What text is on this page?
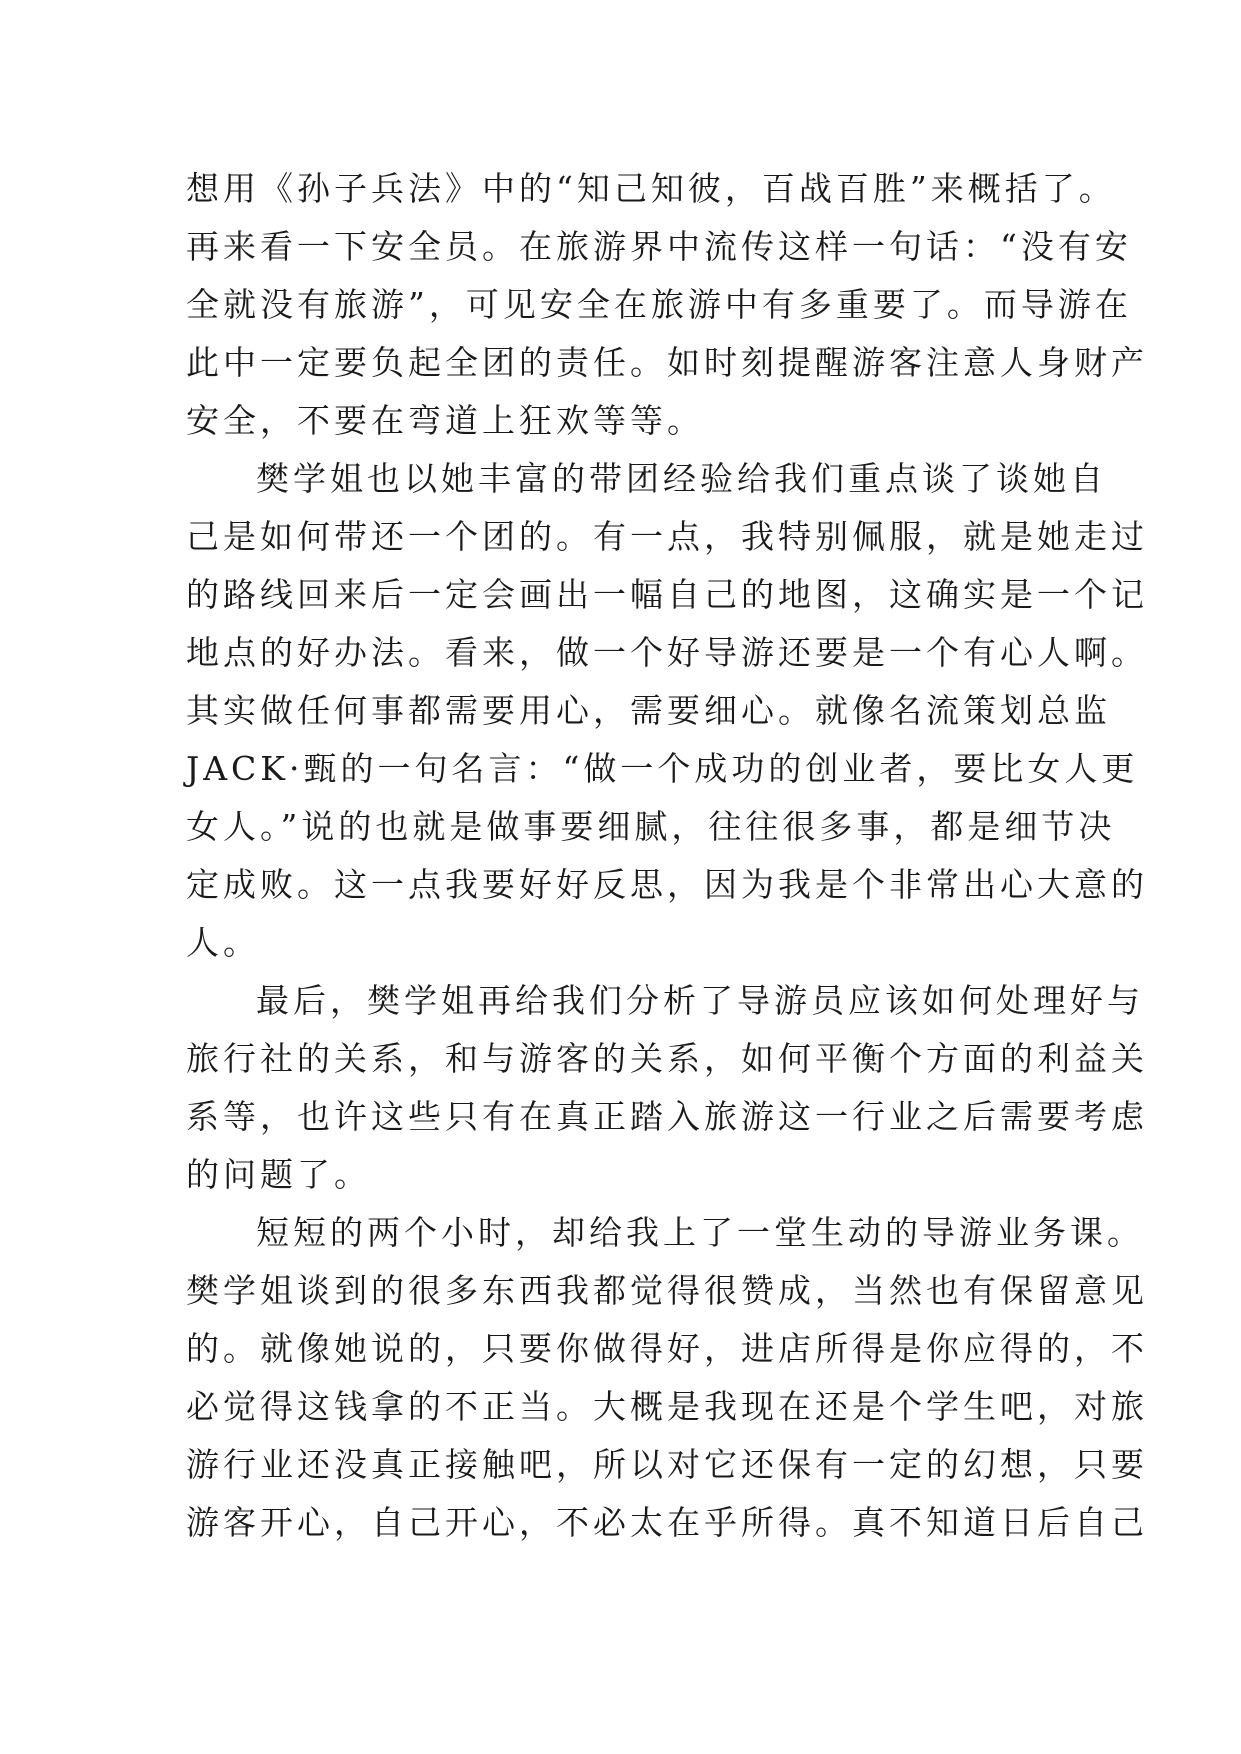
想用《孙子兵法》中的“知己知彼，百战百胜”来概括了。
再来看一下安全员。在旅游界中流传这样一句话：“没有安
全就没有旅游”，可见安全在旅游中有多重要了。而导游在
此中一定要负起全团的责任。如时刻提醒游客注意人身财产
安全，不要在弯道上狂欢等等。
樊学姐也以她丰富的带团经验给我们重点谈了谈她自
己是如何带还一个团的。有一点，我特别佩服，就是她走过
的路线回来后一定会画出一幅自己的地图，这确实是一个记
地点的好办法。看来，做一个好导游还要是一个有心人啊。
其实做任何事都需要用心，需要细心。就像名流策划总监
JACK·甄的一句名言：“做一个成功的创业者，要比女人更
女人。”说的也就是做事要细腻，往往很多事，都是细节决
定成败。这一点我要好好反思，因为我是个非常出心大意的
人。
最后，樊学姐再给我们分析了导游员应该如何处理好与
旅行社的关系，和与游客的关系，如何平衡个方面的利益关
系等，也许这些只有在真正踏入旅游这一行业之后需要考虑
的问题了。
短短的两个小时，却给我上了一堂生动的导游业务课。
樊学姐谈到的很多东西我都觉得很赞成，当然也有保留意见
的。就像她说的，只要你做得好，进店所得是你应得的，不
必觉得这钱拿的不正当。大概是我现在还是个学生吧，对旅
游行业还没真正接触吧，所以对它还保有一定的幻想，只要
游客开心，自己开心，不必太在乎所得。真不知道日后自己
